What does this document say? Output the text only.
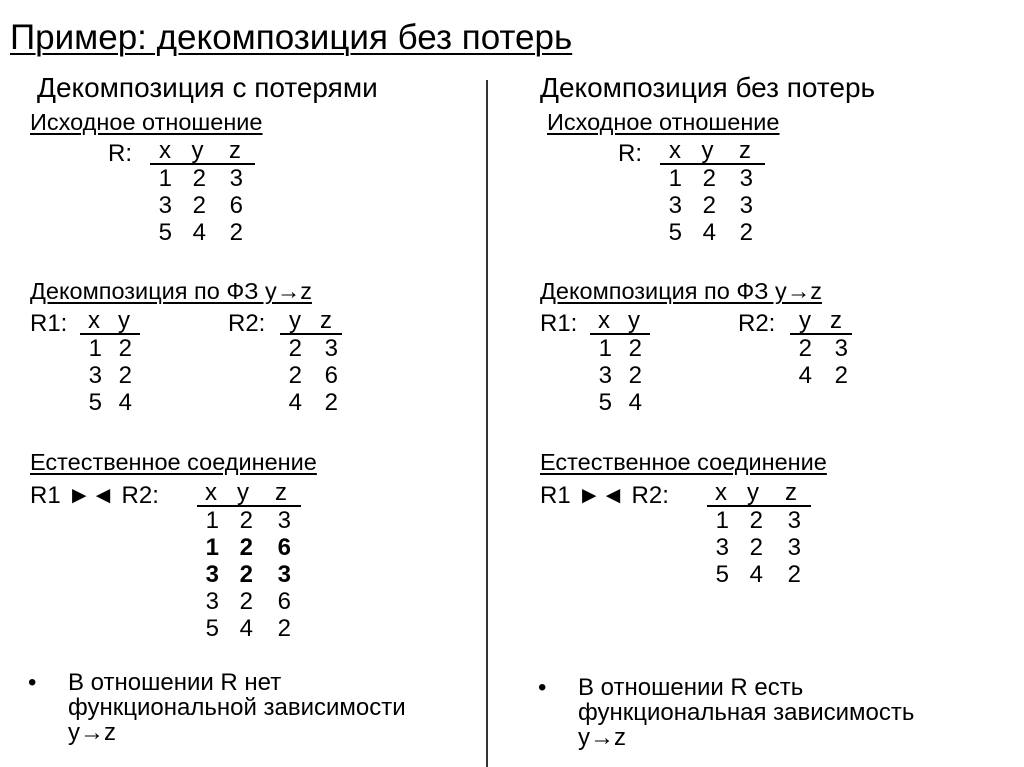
Пример: декомпозиция без потерь
Декомпозиция с потерями
Исходное отношение
R:	x y	z
1 2 3
3 2 6
5 4 2
Декомпозиция по ФЗ y→z
R1: x y
1 2
3 2
5 4
R2: y z
2 3
2 6
4 2
Естественное соединение
R1 ►◄ R2:	x y	z
1 2	3
1 2	6
3 2	3
3 2	6
5 4	2
• В отношении R нет
функциональной зависимости
y→z
Декомпозиция без потерь
Исходное отношение
R:	x y	z
1 2 3
3 2 3
5 4 2
Декомпозиция по ФЗ y→z
R1: x y
1 2
3 2
5 4
R2: y z
2 3
4 2
Естественное соединение
R1 ►◄ R2:	x y	z
1 2	3
3 2	3
5 4	2
• В отношении R есть
функциональная зависимость
y→z
